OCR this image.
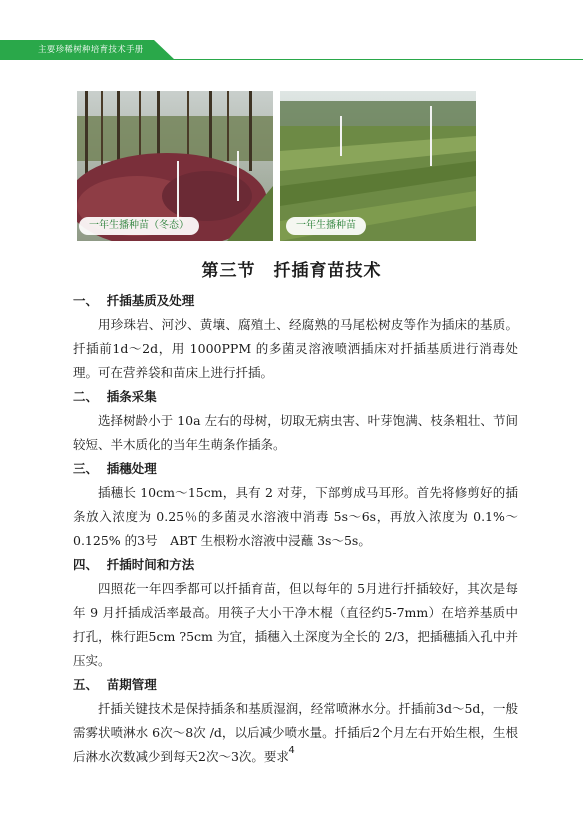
主要珍稀树种培育技术手册
一年生播种苗（冬态）	一年生播种苗
第三节　扦插育苗技术

一、  扦插基质及处理

用珍珠岩、河沙、黄壤、腐殖土、经腐熟的马尾松树皮等作为插床的基质。扦插前1d～2d，用 1000PPM 的多菌灵溶液喷洒插床对扦插基质进行消毒处理。可在营养袋和苗床上进行扦插。

二、  插条采集

选择树龄小于 10a 左右的母树，切取无病虫害、叶芽饱满、枝条粗壮、节间较短、半木质化的当年生萌条作插条。

三、  插穗处理

插穗长 10cm～15cm，具有 2 对芽，下部剪成马耳形。首先将修剪好的插条放入浓度为 0.25％的多菌灵水溶液中消毒 5s～6s，再放入浓度为 0.1%～0.125% 的3号　ABT 生根粉水溶液中浸蘸 3s～5s。

四、  扦插时间和方法

四照花一年四季都可以扦插育苗，但以每年的 5月进行扦插较好，其次是每年 9 月扦插成活率最高。用筷子大小干净木棍（直径约5-7mm）在培养基质中打孔，株行距5cm ?5cm 为宜，插穗入土深度为全长的 2/3，把插穗插入孔中并压实。

五、  苗期管理

扦插关键技术是保持插条和基质湿润，经常喷淋水分。扦插前3d～5d，一般需雾状喷淋水 6次～8次 /d，以后减少喷水量。扦插后2个月左右开始生根，生根后淋水次数减少到每天2次～3次。要求 4
